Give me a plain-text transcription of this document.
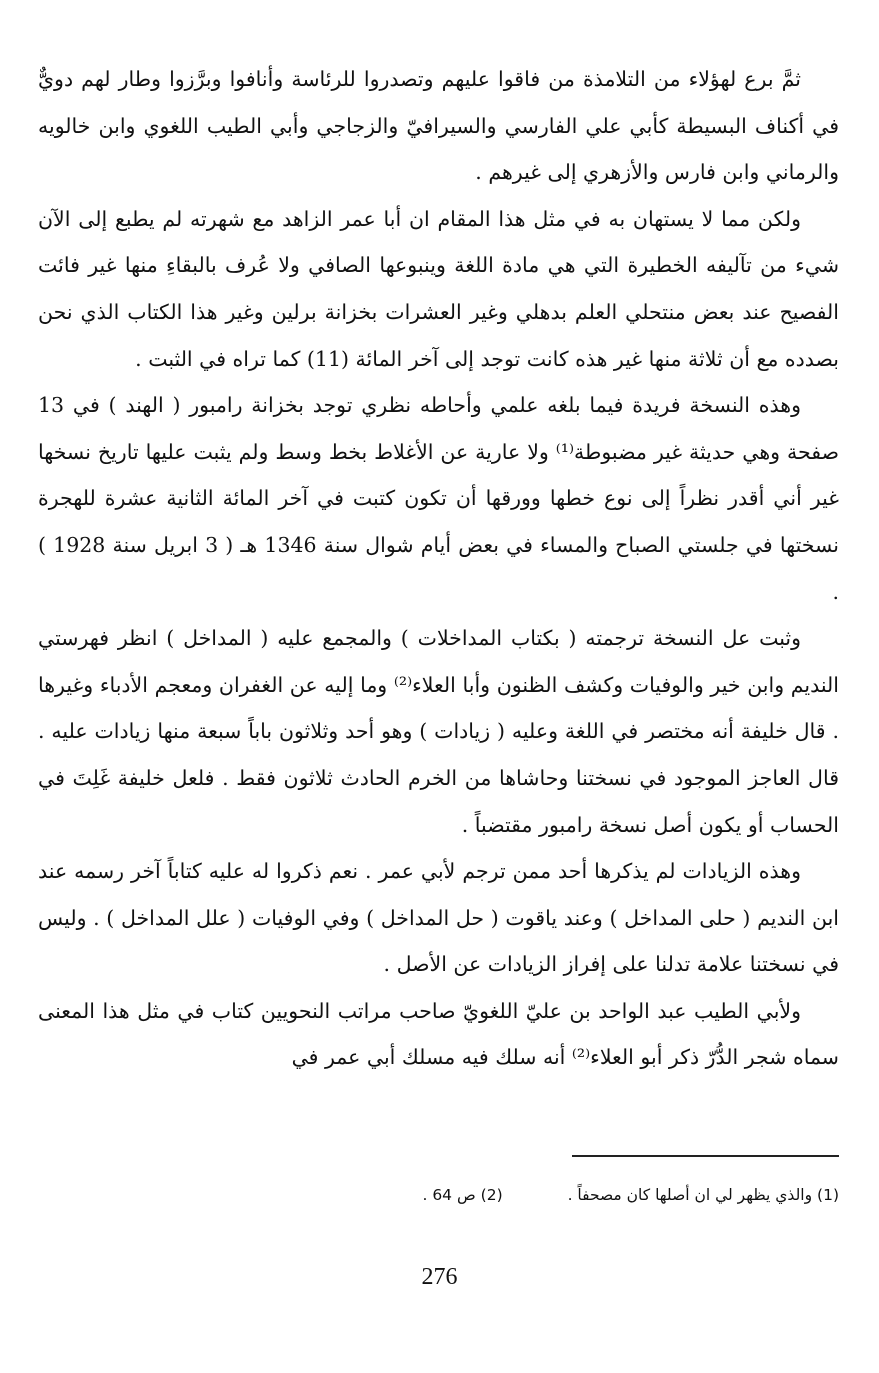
ثمَّ برع لهؤلاء من التلامذة من فاقوا عليهم وتصدروا للرئاسة وأنافوا وبرَّزوا وطار لهم دويٌّ في أكناف البسيطة كأبي علي الفارسي والسيرافيّ والزجاجي وأبي الطيب اللغوي وابن خالويه والرماني وابن فارس والأزهري إلى غيرهم .

ولكن مما لا يستهان به في مثل هذا المقام ان أبا عمر الزاهد مع شهرته لم يطبع إلى الآن شيء من تآليفه الخطيرة التي هي مادة اللغة وينبوعها الصافي ولا عُرف بالبقاءِ منها غير فائت الفصيح عند بعض منتحلي العلم بدهلي وغير العشرات بخزانة برلين وغير هذا الكتاب الذي نحن بصدده مع أن ثلاثة منها غير هذه كانت توجد إلى آخر المائة (11) كما تراه في الثبت .

وهذه النسخة فريدة فيما بلغه علمي وأحاطه نظري توجد بخزانة رامبور ( الهند ) في 13 صفحة وهي حديثة غير مضبوطة⁽¹⁾ ولا عارية عن الأغلاط بخط وسط ولم يثبت عليها تاريخ نسخها غير أني أقدر نظراً إلى نوع خطها وورقها أن تكون كتبت في آخر المائة الثانية عشرة للهجرة نسختها في جلستي الصباح والمساء في بعض أيام شوال سنة 1346 هـ ( 3 ابريل سنة 1928 ) .

وثبت عل النسخة ترجمته ( بكتاب المداخلات ) والمجمع عليه ( المداخل ) انظر فهرستي النديم وابن خير والوفيات وكشف الظنون وأبا العلاء⁽²⁾ وما إليه عن الغفران ومعجم الأدباء وغيرها . قال خليفة أنه مختصر في اللغة وعليه ( زيادات ) وهو أحد وثلاثون باباً سبعة منها زيادات عليه . قال العاجز الموجود في نسختنا وحاشاها من الخرم الحادث ثلاثون فقط . فلعل خليفة غَلِتَ في الحساب أو يكون أصل نسخة رامبور مقتضباً .

وهذه الزيادات لم يذكرها أحد ممن ترجم لأبي عمر . نعم ذكروا له عليه كتاباً آخر رسمه عند ابن النديم ( حلى المداخل ) وعند ياقوت ( حل المداخل ) وفي الوفيات ( علل المداخل ) . وليس في نسختنا علامة تدلنا على إفراز الزيادات عن الأصل .

ولأبي الطيب عبد الواحد بن عليّ اللغويّ صاحب مراتب النحويين كتاب في مثل هذا المعنى سماه شجر الدُّرّ ذكر أبو العلاء⁽²⁾ أنه سلك فيه مسلك أبي عمر في

(1) والذي يظهر لي ان أصلها كان مصحفاً . (2) ص 64 .
276
